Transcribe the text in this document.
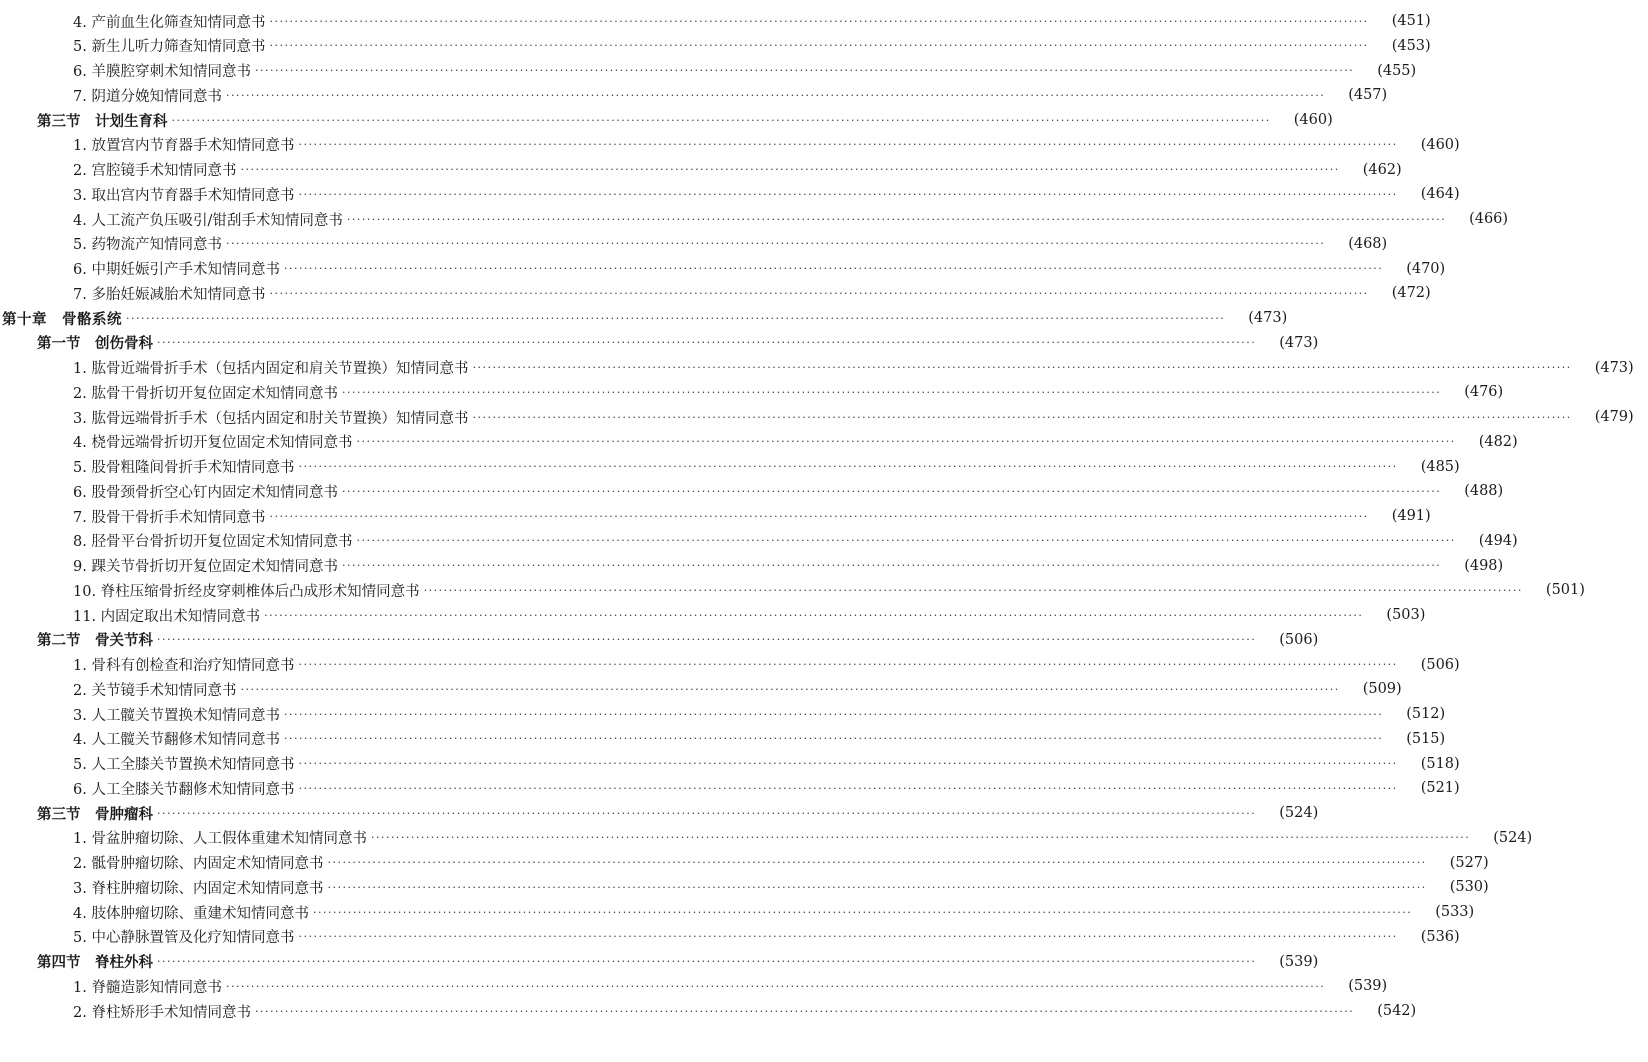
4. 产前血生化筛查知情同意书 ····························································································································································································································	(451)
5. 新生儿听力筛查知情同意书 ····························································································································································································································	(453)
6. 羊膜腔穿刺术知情同意书 ····························································································································································································································	(455)
7. 阴道分娩知情同意书 ····························································································································································································································	(457)
第三节　计划生育科 ····························································································································································································································	(460)
1. 放置宫内节育器手术知情同意书 ····························································································································································································································	(460)
2. 宫腔镜手术知情同意书 ····························································································································································································································	(462)
3. 取出宫内节育器手术知情同意书 ····························································································································································································································	(464)
4. 人工流产负压吸引/钳刮手术知情同意书 ····························································································································································································································	(466)
5. 药物流产知情同意书 ····························································································································································································································	(468)
6. 中期妊娠引产手术知情同意书 ····························································································································································································································	(470)
7. 多胎妊娠减胎术知情同意书 ····························································································································································································································	(472)
第十章　骨骼系统 ····························································································································································································································	(473)
第一节　创伤骨科 ····························································································································································································································	(473)
1. 肱骨近端骨折手术（包括内固定和肩关节置换）知情同意书 ····························································································································································································································	(473)
2. 肱骨干骨折切开复位固定术知情同意书 ····························································································································································································································	(476)
3. 肱骨远端骨折手术（包括内固定和肘关节置换）知情同意书 ····························································································································································································································	(479)
4. 桡骨远端骨折切开复位固定术知情同意书 ····························································································································································································································	(482)
5. 股骨粗隆间骨折手术知情同意书 ····························································································································································································································	(485)
6. 股骨颈骨折空心钉内固定术知情同意书 ····························································································································································································································	(488)
7. 股骨干骨折手术知情同意书 ····························································································································································································································	(491)
8. 胫骨平台骨折切开复位固定术知情同意书 ····························································································································································································································	(494)
9. 踝关节骨折切开复位固定术知情同意书 ····························································································································································································································	(498)
10. 脊柱压缩骨折经皮穿刺椎体后凸成形术知情同意书 ····························································································································································································································	(501)
11. 内固定取出术知情同意书 ····························································································································································································································	(503)
第二节　骨关节科 ····························································································································································································································	(506)
1. 骨科有创检查和治疗知情同意书 ····························································································································································································································	(506)
2. 关节镜手术知情同意书 ····························································································································································································································	(509)
3. 人工髋关节置换术知情同意书 ····························································································································································································································	(512)
4. 人工髋关节翻修术知情同意书 ····························································································································································································································	(515)
5. 人工全膝关节置换术知情同意书 ····························································································································································································································	(518)
6. 人工全膝关节翻修术知情同意书 ····························································································································································································································	(521)
第三节　骨肿瘤科 ····························································································································································································································	(524)
1. 骨盆肿瘤切除、人工假体重建术知情同意书 ····························································································································································································································	(524)
2. 骶骨肿瘤切除、内固定术知情同意书 ····························································································································································································································	(527)
3. 脊柱肿瘤切除、内固定术知情同意书 ····························································································································································································································	(530)
4. 肢体肿瘤切除、重建术知情同意书 ····························································································································································································································	(533)
5. 中心静脉置管及化疗知情同意书 ····························································································································································································································	(536)
第四节　脊柱外科 ····························································································································································································································	(539)
1. 脊髓造影知情同意书 ····························································································································································································································	(539)
2. 脊柱矫形手术知情同意书 ····························································································································································································································	(542)
